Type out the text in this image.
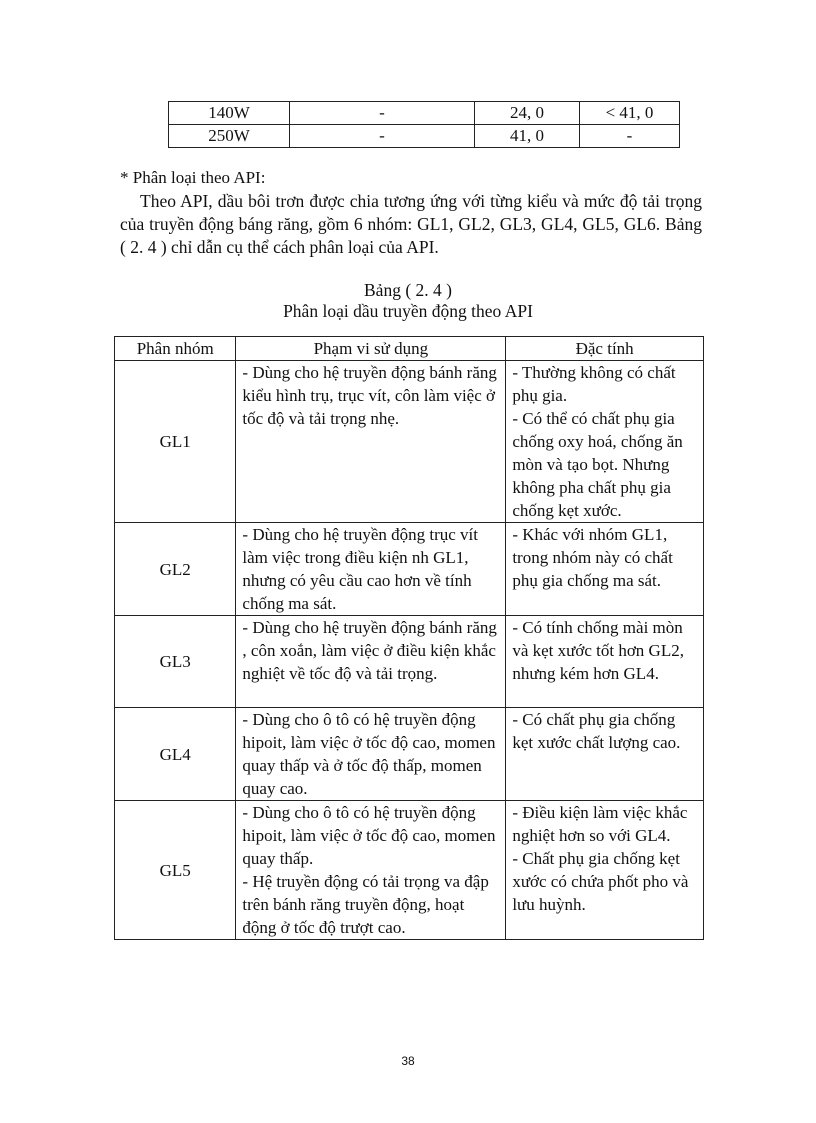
140W	-	24, 0	< 41, 0
250W	-	41, 0	-

* Phân loại theo API:

Theo API, dầu bôi trơn được chia tương ứng với từng kiểu và mức độ tải trọng của truyền động báng răng, gồm 6 nhóm: GL1, GL2, GL3, GL4, GL5, GL6. Bảng ( 2. 4 ) chỉ dẫn cụ thể cách phân loại của API.

Bảng ( 2. 4 )

Phân loại dầu truyền động theo API

Phân nhóm	Phạm vi sử dụng	Đặc tính
GL1	- Dùng cho hệ truyền động bánh răng kiểu hình trụ, trục vít, côn làm việc ở tốc độ và tải trọng nhẹ.	- Thường không có chất phụ gia.
- Có thể có chất phụ gia chống oxy hoá, chống ăn mòn và tạo bọt. Nhưng không pha chất phụ gia chống kẹt xước.

GL2	- Dùng cho hệ truyền động trục vít làm việc trong điều kiện nh GL1, nhưng có yêu cầu cao hơn về tính chống ma sát.	- Khác với nhóm GL1, trong nhóm này có chất phụ gia chống ma sát.

GL3	- Dùng cho hệ truyền động bánh răng , côn xoắn, làm việc ở điều kiện khắc nghiệt về tốc độ và tải trọng.	- Có tính chống mài mòn và kẹt xước tốt hơn GL2, nhưng kém hơn GL4.

GL4	- Dùng cho ô tô có hệ truyền động hipoit, làm việc ở tốc độ cao, momen quay thấp và ở tốc độ thấp, momen quay cao.	- Có chất phụ gia chống kẹt xước chất lượng cao.

GL5	- Dùng cho ô tô có hệ truyền động hipoit, làm việc ở tốc độ cao, momen quay thấp.
- Hệ truyền động có tải trọng va đập trên bánh răng truyền động, hoạt động ở tốc độ trượt cao.	- Điều kiện làm việc khắc nghiệt hơn so với GL4.
- Chất phụ gia chống kẹt xước có chứa phốt pho và lưu huỳnh.
38
